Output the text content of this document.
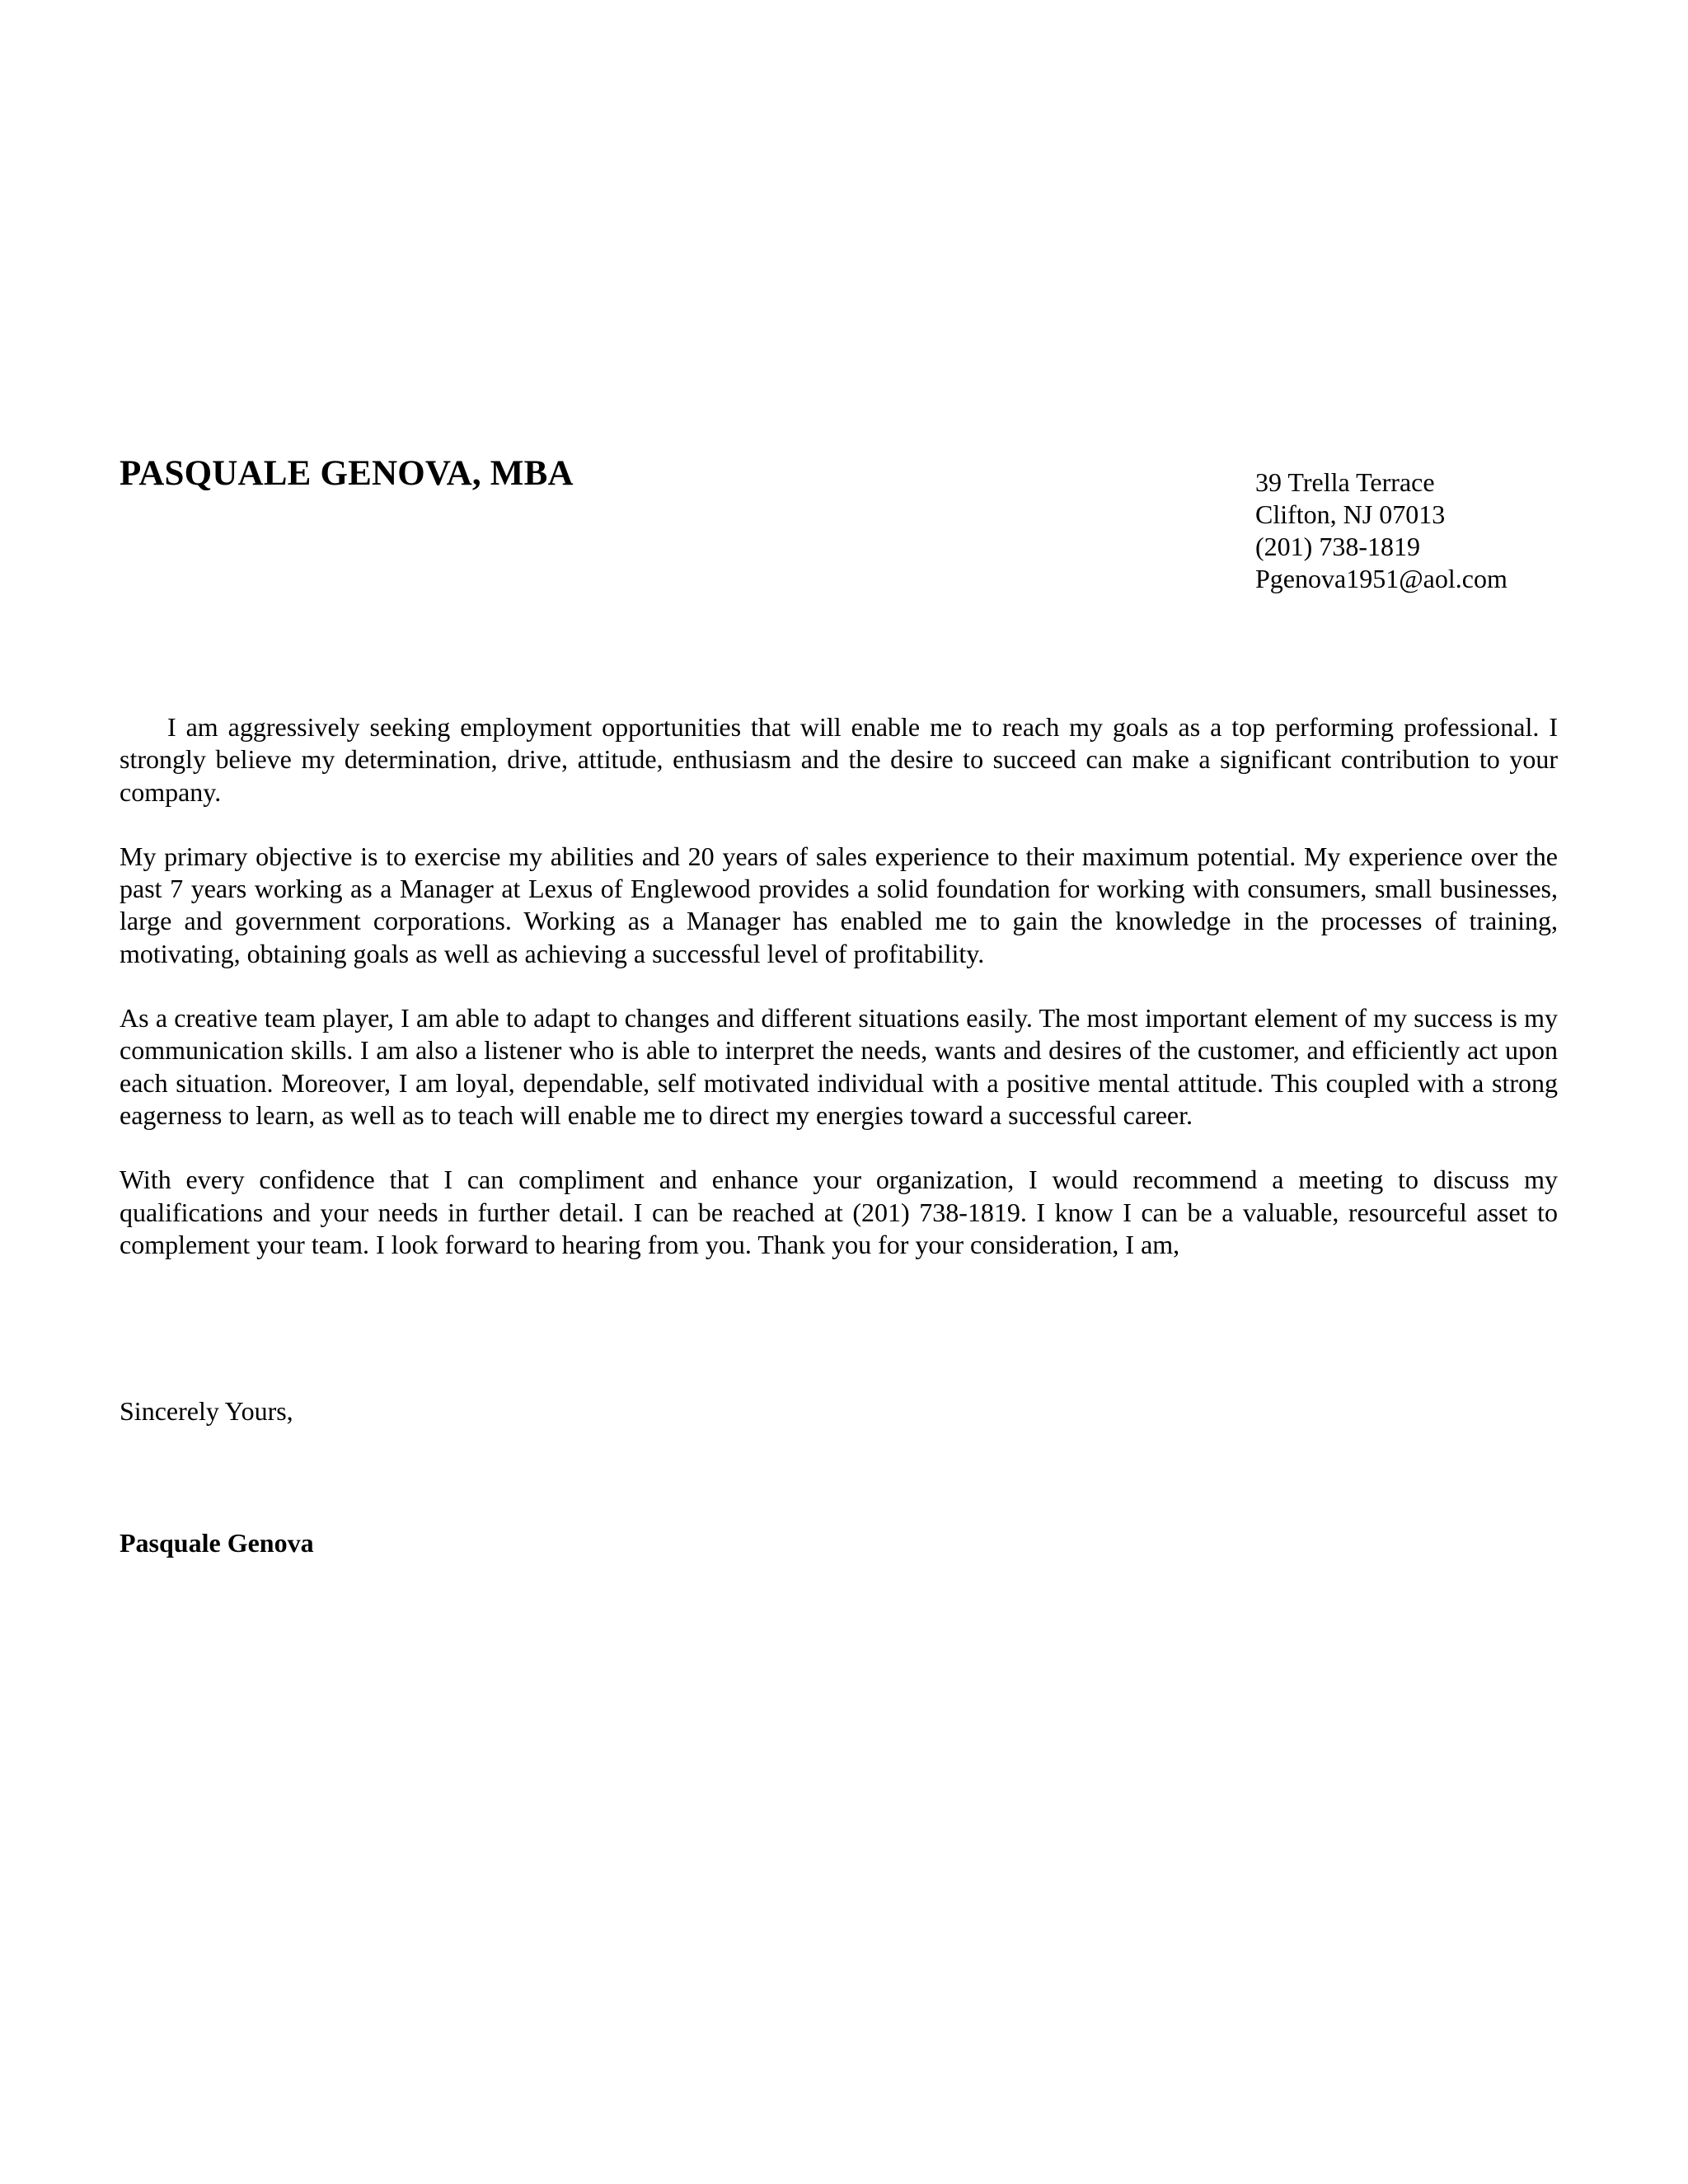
PASQUALE GENOVA, MBA	39 Trella Terrace
Clifton, NJ 07013
(201) 738-1819
Pgenova1951@aol.com

I am aggressively seeking employment opportunities that will enable me to reach my goals as a top performing professional. I strongly believe my determination, drive, attitude, enthusiasm and the desire to succeed can make a significant contribution to your company.

My primary objective is to exercise my abilities and 20 years of sales experience to their maximum potential. My experience over the past 7 years working as a Manager at Lexus of Englewood provides a solid foundation for working with consumers, small businesses, large and government corporations. Working as a Manager has enabled me to gain the knowledge in the processes of training, motivating, obtaining goals as well as achieving a successful level of profitability.

As a creative team player, I am able to adapt to changes and different situations easily. The most important element of my success is my communication skills. I am also a listener who is able to interpret the needs, wants and desires of the customer, and efficiently act upon each situation. Moreover, I am loyal, dependable, self motivated individual with a positive mental attitude. This coupled with a strong eagerness to learn, as well as to teach will enable me to direct my energies toward a successful career.

With every confidence that I can compliment and enhance your organization, I would recommend a meeting to discuss my qualifications and your needs in further detail. I can be reached at (201) 738-1819. I know I can be a valuable, resourceful asset to complement your team. I look forward to hearing from you. Thank you for your consideration, I am,

Sincerely Yours,
Pasquale Genova
